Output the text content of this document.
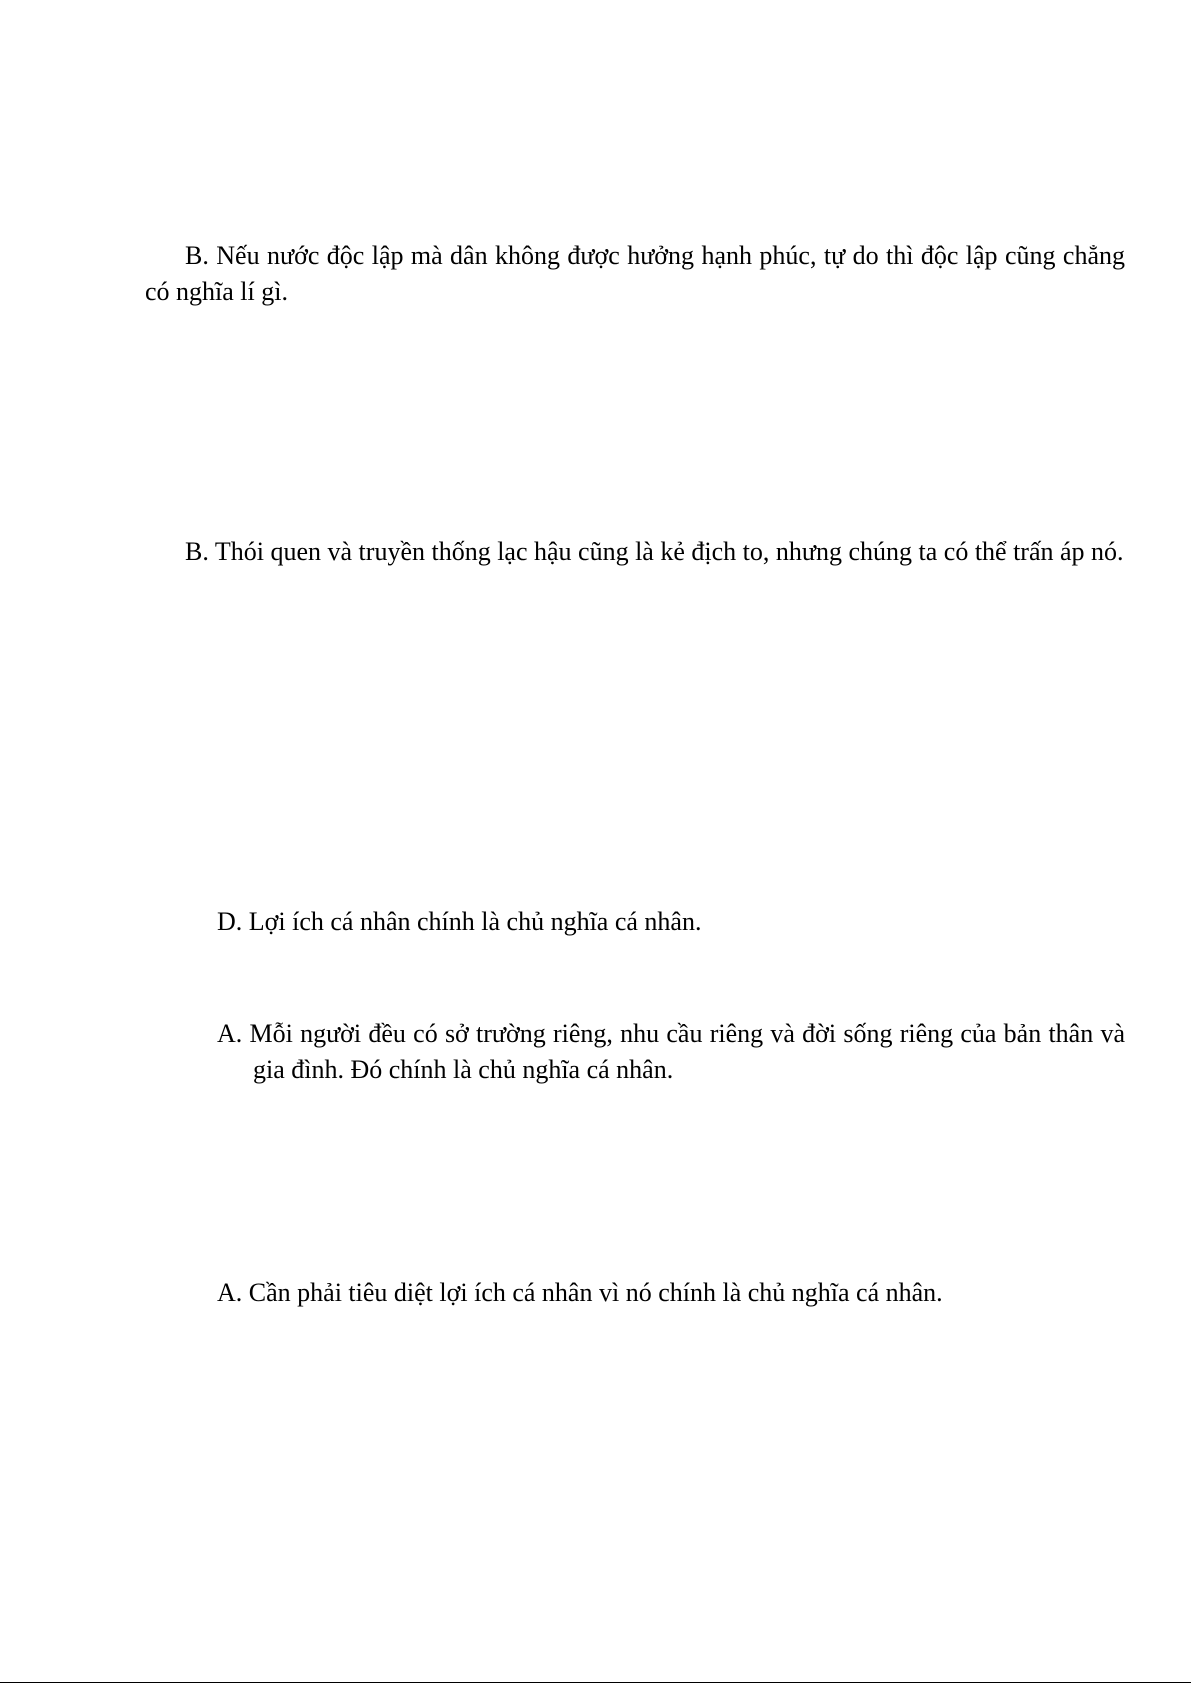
B. Nếu nước độc lập mà dân không được hưởng hạnh phúc, tự do thì độc lập cũng chẳng có nghĩa lí gì.

B. Thói quen và truyền thống lạc hậu cũng là kẻ địch to, nhưng chúng ta có thể trấn áp nó.

D. Lợi ích cá nhân chính là chủ nghĩa cá nhân.

A. Mỗi người đều có sở trường riêng, nhu cầu riêng và đời sống riêng của bản thân và gia đình. Đó chính là chủ nghĩa cá nhân.

A. Cần phải tiêu diệt lợi ích cá nhân vì nó chính là chủ nghĩa cá nhân.
